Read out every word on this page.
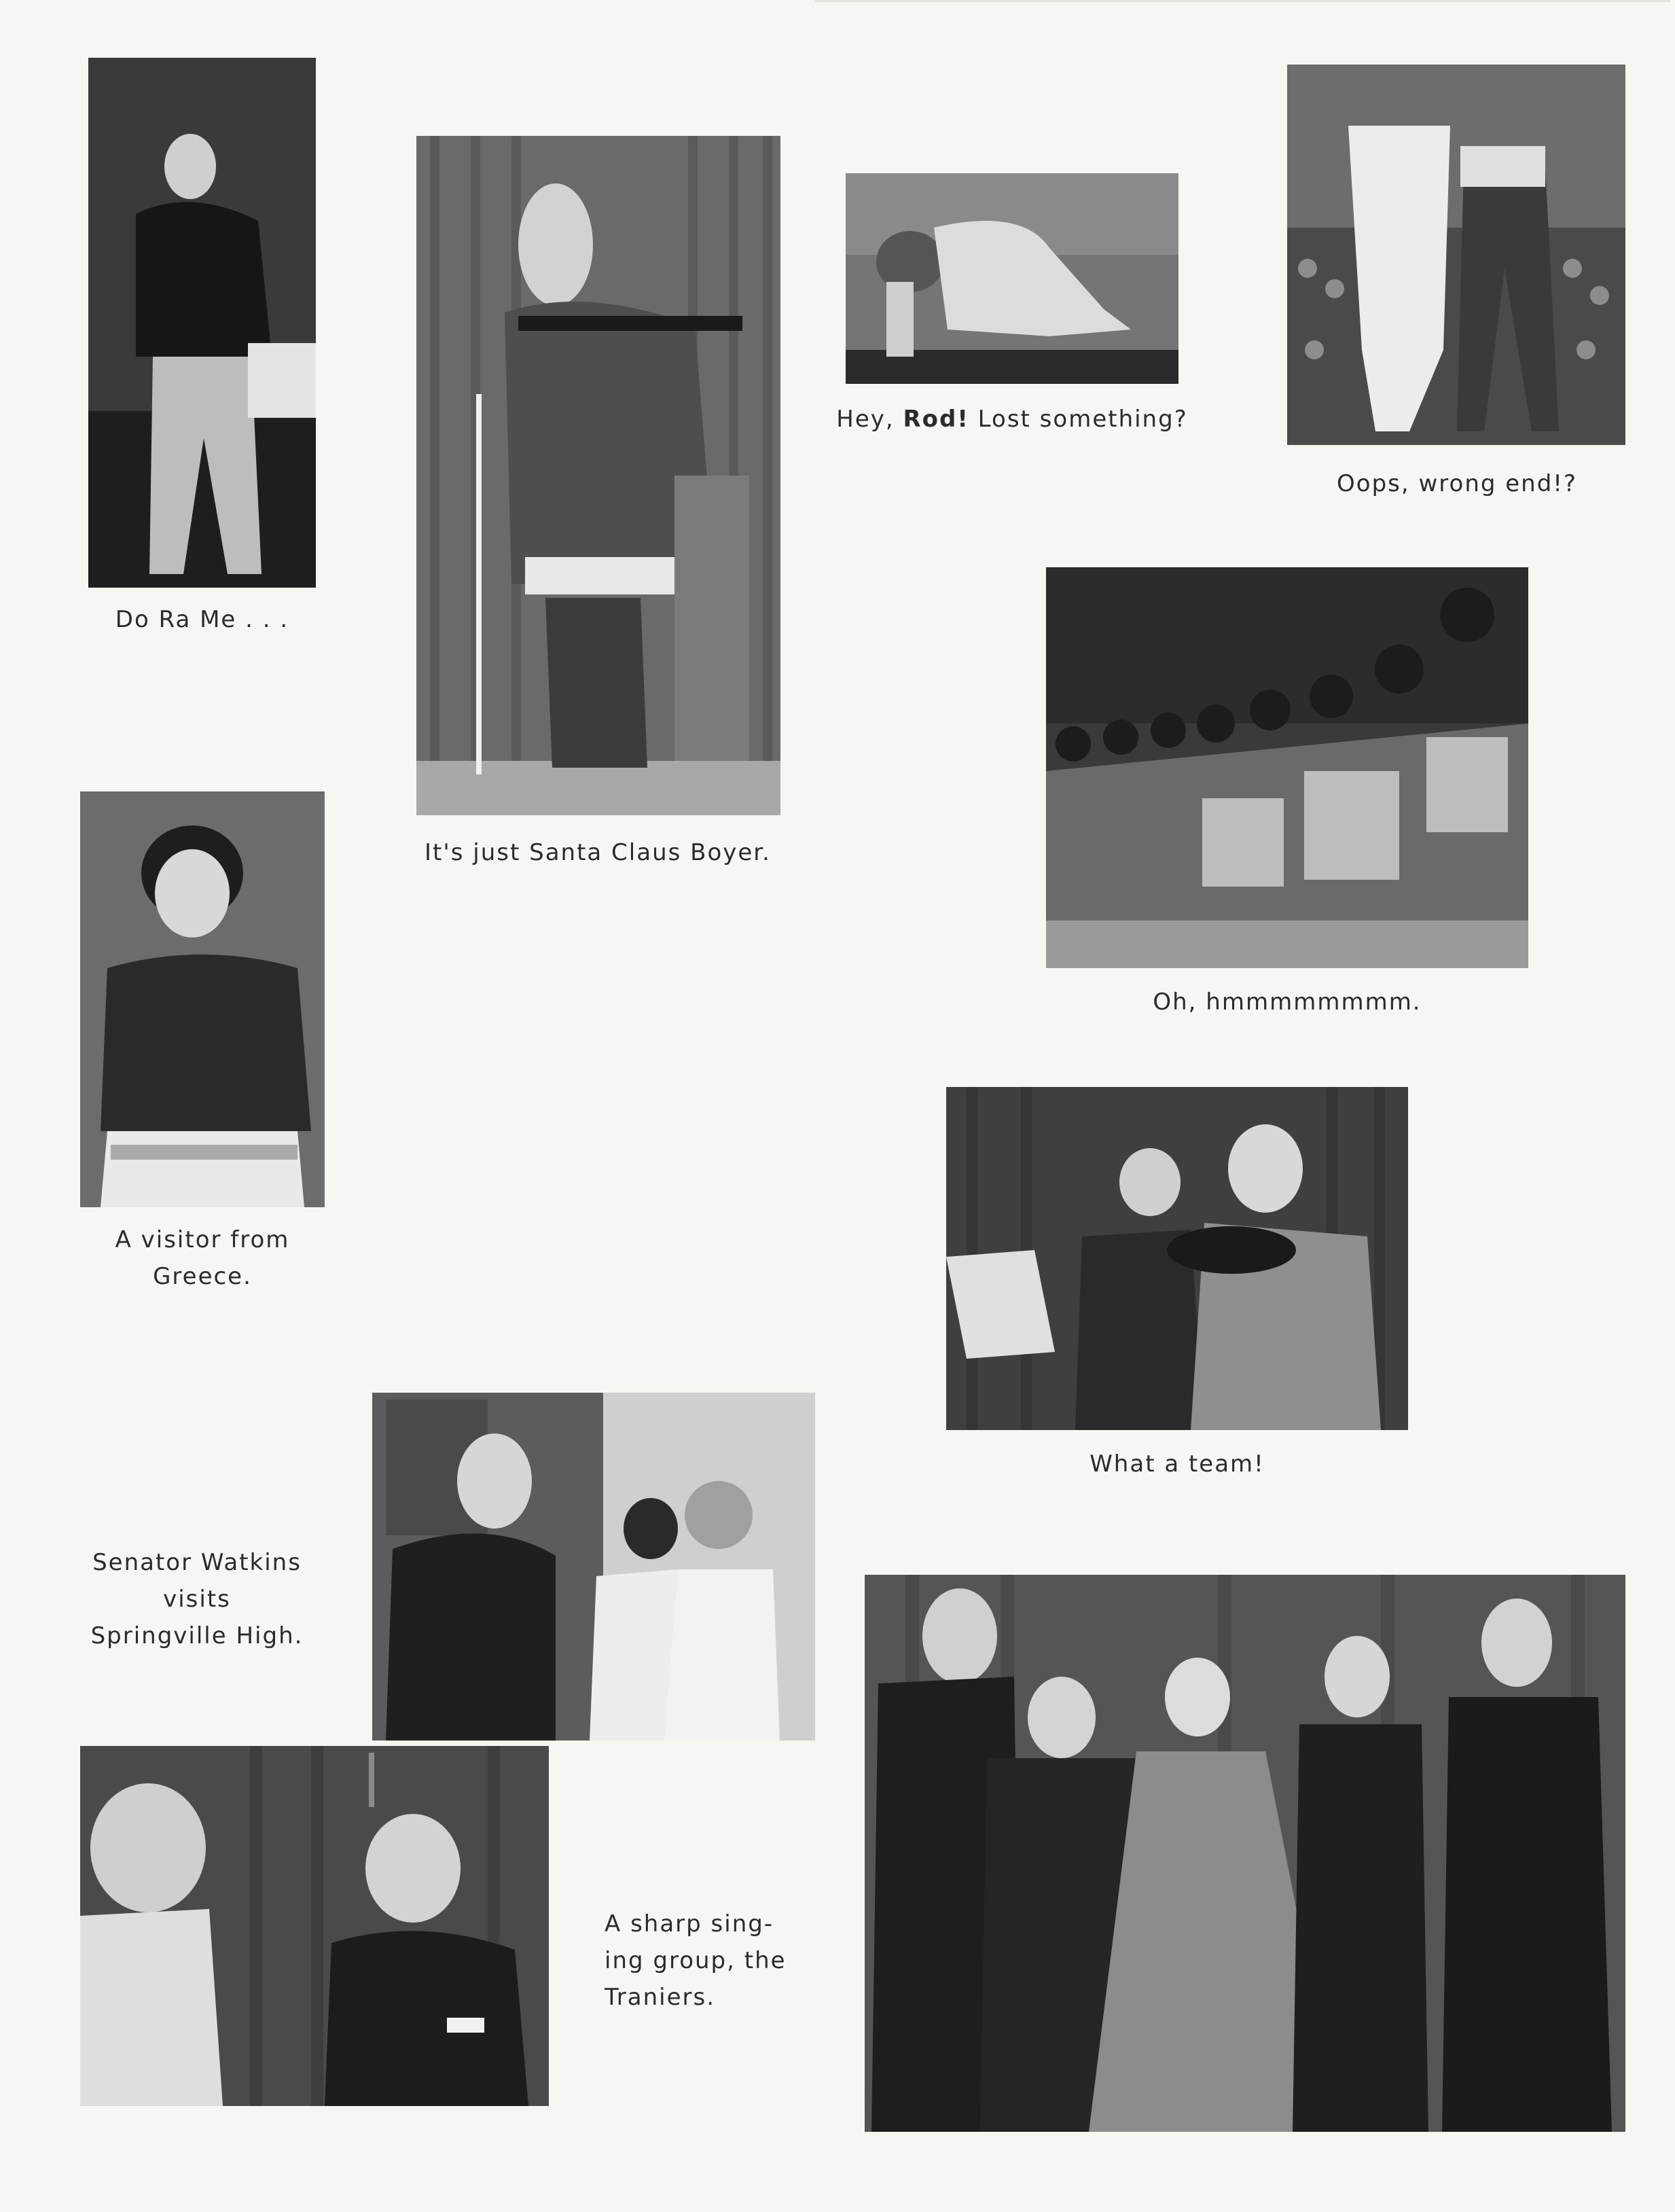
Do Ra Me . . .
It's just Santa Claus Boyer.
Hey, Rod! Lost something?
Oops, wrong end!?
Oh, hmmmmmmmm.
A visitor from
Greece.
What a team!
Senator Watkins
visits
Springville High.
A sharp sing-
ing group, the
Traniers.
